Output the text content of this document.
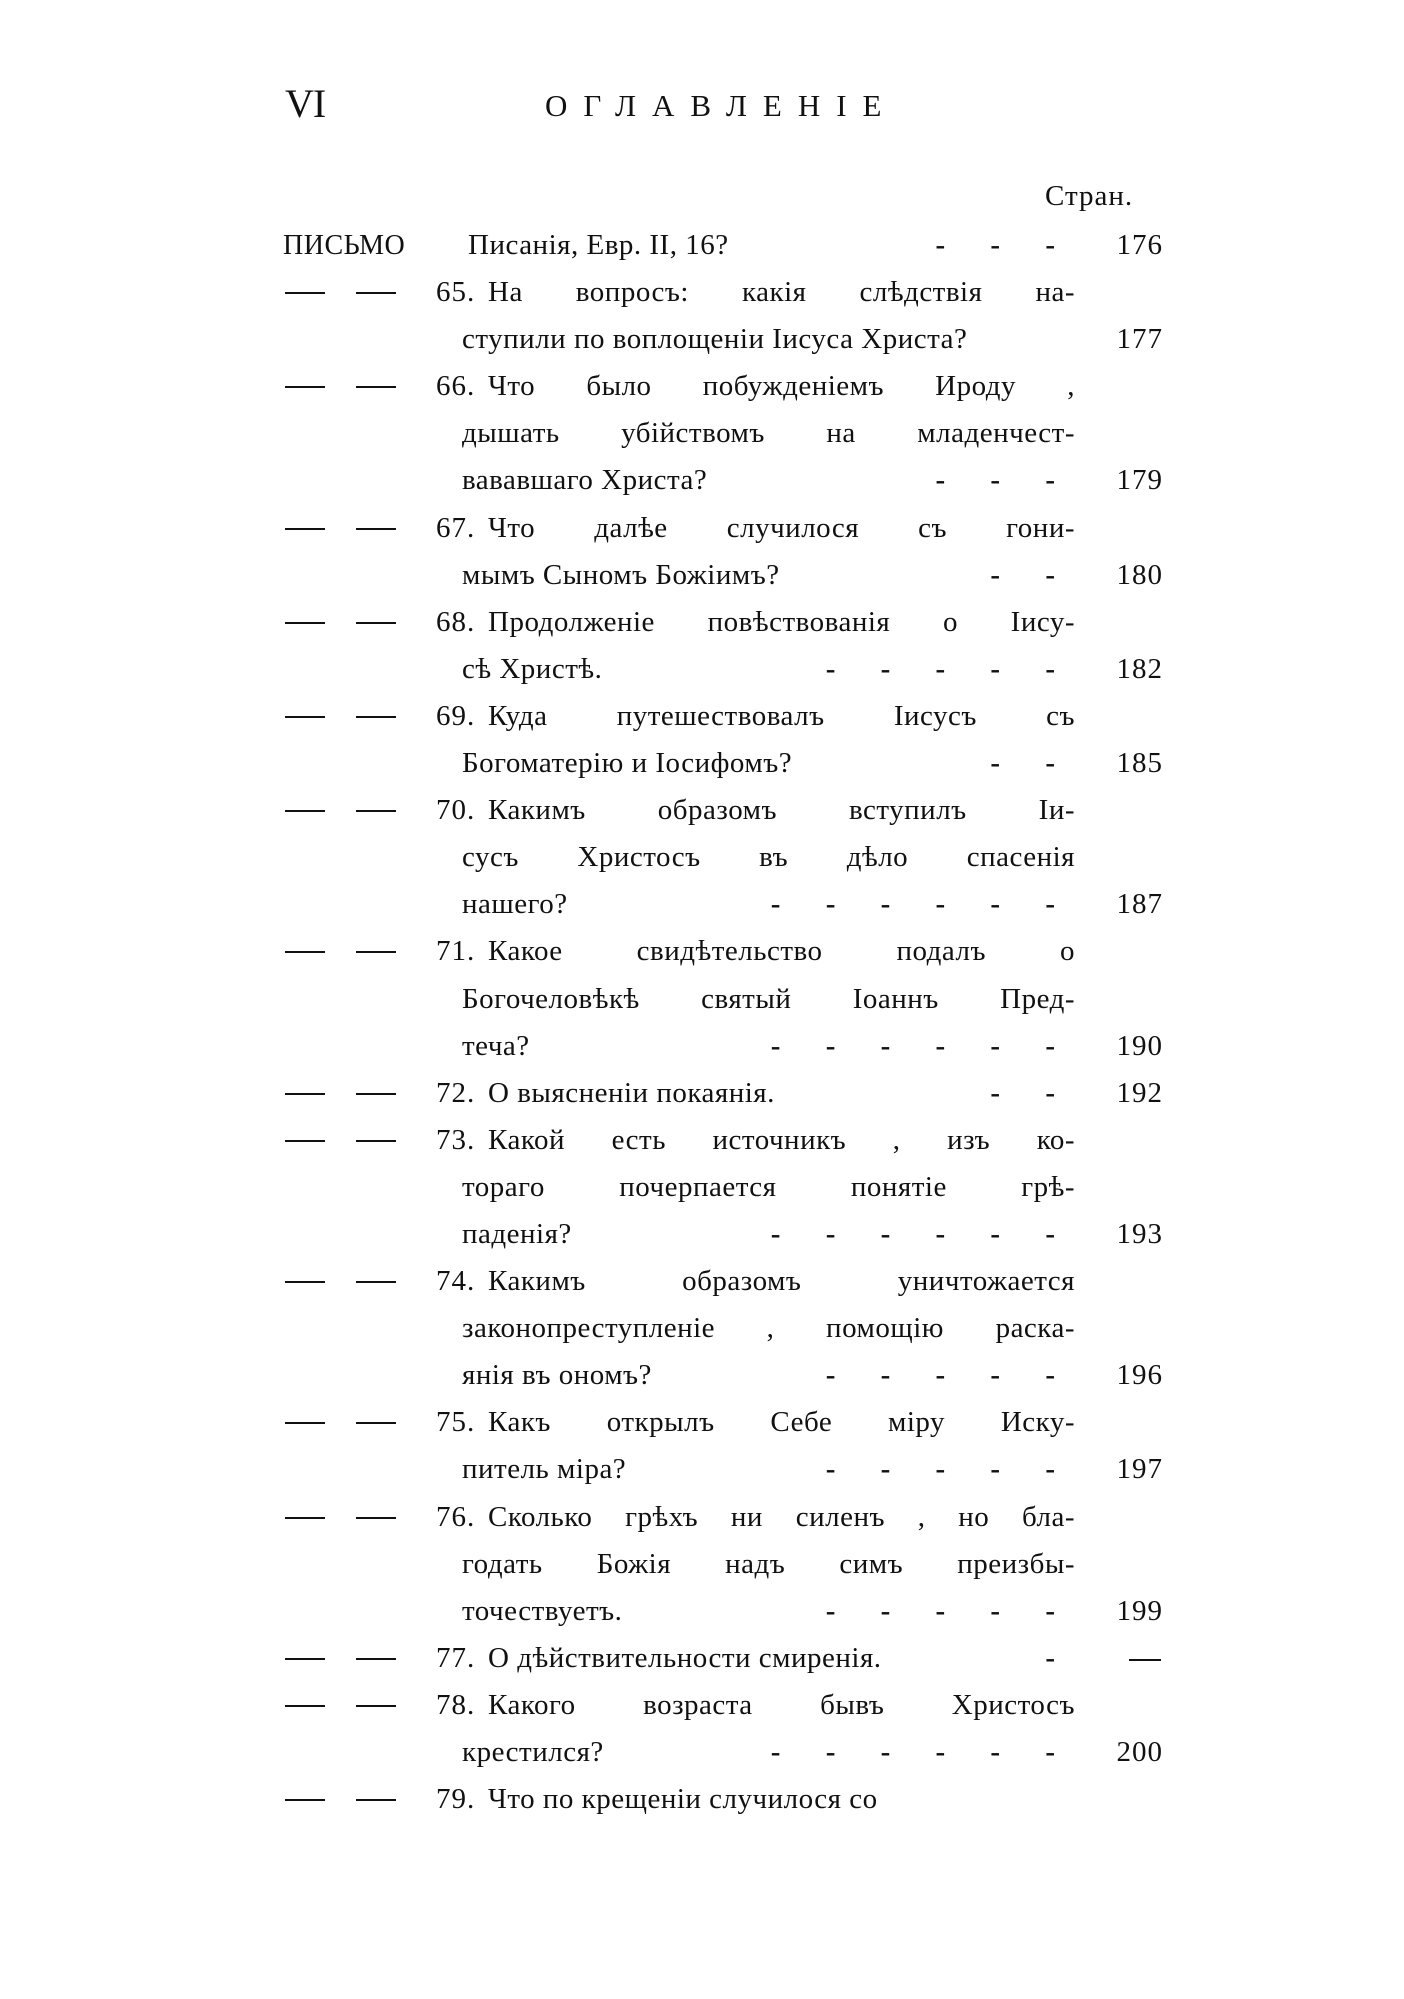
VI	ОГЛАВЛЕНІЕ
Стран.
ПИСЬМО Писанія, Евр. II, 16?	- - -	176
65. На вопросъ: какія слѣдствія на-
ступили по воплощеніи Іисуса Христа?	177
66. Что было побужденіемъ Ироду ,
дышать убійствомъ на младенчест-
вававшаго Христа?	- - -	179
67. Что далѣе случилося съ гони-
мымъ Сыномъ Божіимъ?	- -	180
68. Продолженіе повѣствованія о Іису-
сѣ Христѣ.	- - - - -	182
69. Куда путешествовалъ Іисусъ съ
Богоматерію и Іосифомъ?	- -	185
70. Какимъ образомъ вступилъ Іи-
сусъ Христосъ въ дѣло спасенія
нашего?	- - - - - -	187
71. Какое свидѣтельство подалъ о
Богочеловѣкѣ святый Іоаннъ Пред-
теча?	- - - - - -	190
72. О выясненіи покаянія.	- -	192
73. Какой есть источникъ , изъ ко-
тораго почерпается понятіе грѣ-
паденія?	- - - - - -	193
74. Какимъ образомъ уничтожается
законопреступленіе , помощію раска-
янія въ ономъ?	- - - - -	196
75. Какъ открылъ Себе міру Иску-
питель міра?	- - - - -	197
76. Сколько грѣхъ ни силенъ , но бла-
годать Божія надъ симъ преизбы-
точествуетъ.	- - - - -	199
77. О дѣйствительности смиренія.	-
78. Какого возраста бывъ Христосъ
крестился?	- - - - - -	200
79. Что по крещеніи случилося со
